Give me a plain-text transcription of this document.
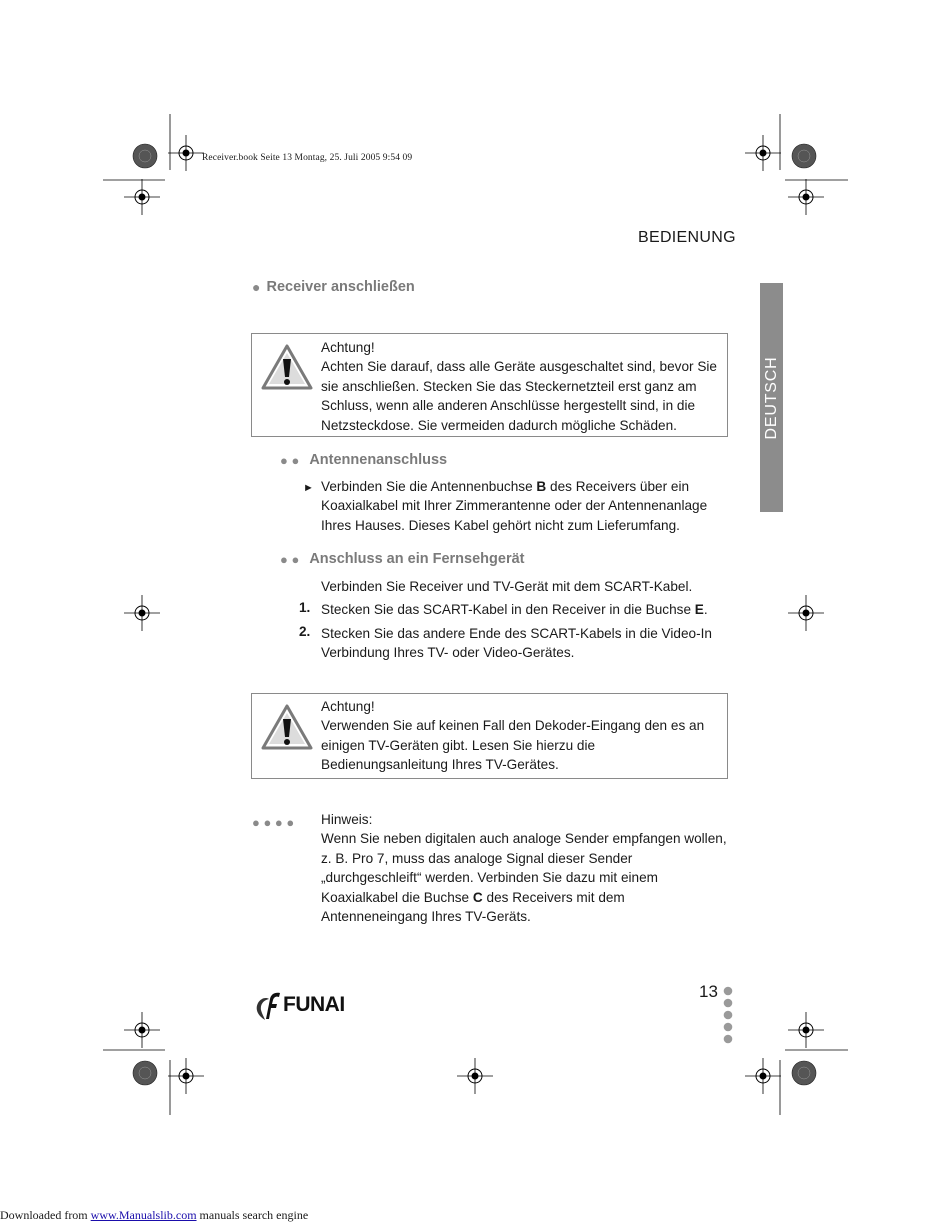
Receiver.book Seite 13 Montag, 25. Juli 2005 9:54 09
BEDIENUNG
DEUTSCH
● Receiver anschließen
Achtung!
Achten Sie darauf, dass alle Geräte ausgeschaltet sind, bevor Sie sie anschließen. Stecken Sie das Steckernetzteil erst ganz am Schluss, wenn alle anderen Anschlüsse hergestellt sind, in die Netzsteckdose. Sie vermeiden dadurch mögliche Schäden.
● ● Antennenanschluss
► Verbinden Sie die Antennenbuchse B des Receivers über ein Koaxialkabel mit Ihrer Zimmerantenne oder der Antennenanlage Ihres Hauses. Dieses Kabel gehört nicht zum Lieferumfang.
● ● Anschluss an ein Fernsehgerät
Verbinden Sie Receiver und TV-Gerät mit dem SCART-Kabel.
1. Stecken Sie das SCART-Kabel in den Receiver in die Buchse E.
2. Stecken Sie das andere Ende des SCART-Kabels in die Video-In Verbindung Ihres TV- oder Video-Gerätes.
Achtung!
Verwenden Sie auf keinen Fall den Dekoder-Eingang den es an einigen TV-Geräten gibt. Lesen Sie hierzu die Bedienungsanleitung Ihres TV-Gerätes.
● ● ● ● Hinweis:
Wenn Sie neben digitalen auch analoge Sender empfangen wollen, z. B. Pro 7, muss das analoge Signal dieser Sender „durchgeschleift“ werden. Verbinden Sie dazu mit einem Koaxialkabel die Buchse C des Receivers mit dem Antenneneingang Ihres TV-Geräts.
FUNAI
13
Downloaded from www.Manualslib.com manuals search engine
